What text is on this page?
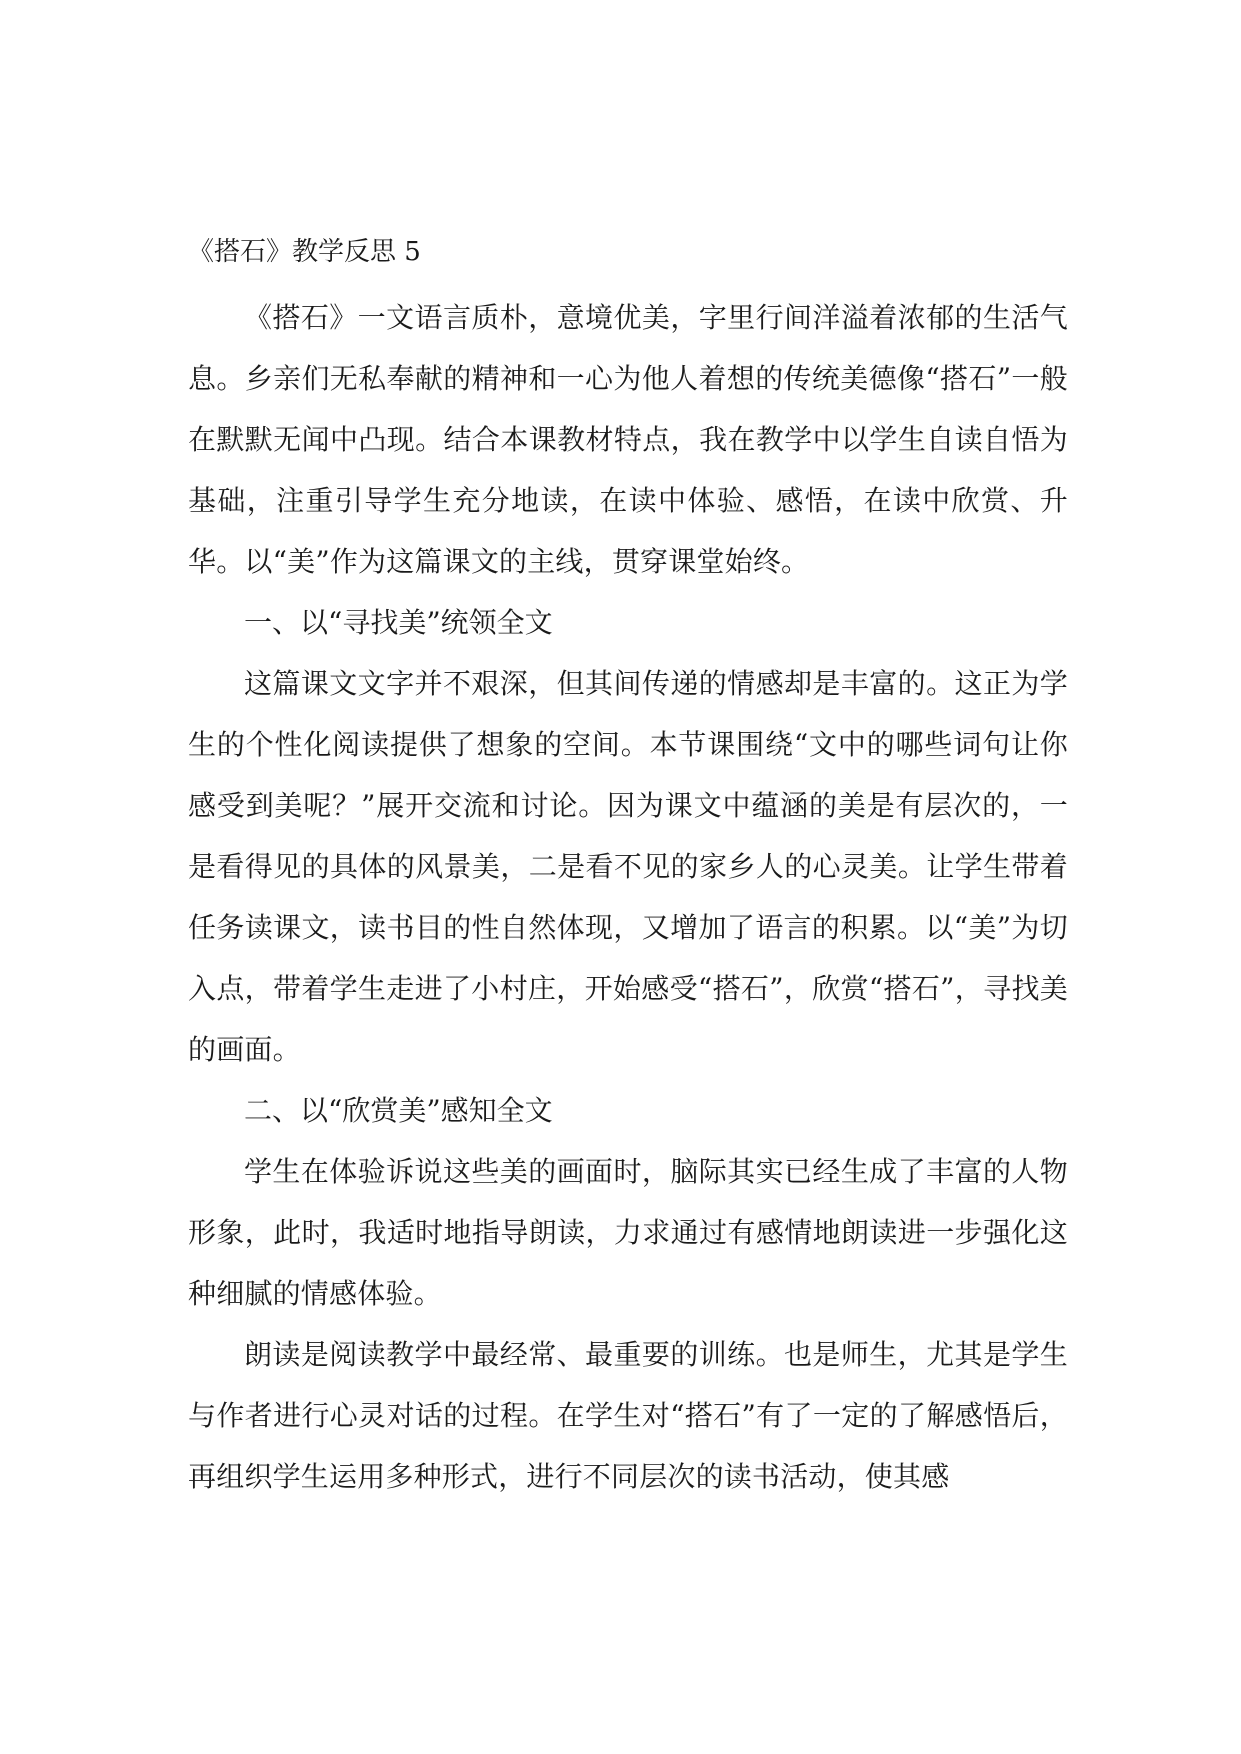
《搭石》教学反思 5

《搭石》一文语言质朴，意境优美，字里行间洋溢着浓郁的生活气息。乡亲们无私奉献的精神和一心为他人着想的传统美德像“搭石”一般在默默无闻中凸现。结合本课教材特点，我在教学中以学生自读自悟为基础，注重引导学生充分地读，在读中体验、感悟，在读中欣赏、升华。以“美”作为这篇课文的主线，贯穿课堂始终。

一、以“寻找美”统领全文

这篇课文文字并不艰深，但其间传递的情感却是丰富的。这正为学生的个性化阅读提供了想象的空间。本节课围绕“文中的哪些词句让你感受到美呢？”展开交流和讨论。因为课文中蕴涵的美是有层次的，一是看得见的具体的风景美，二是看不见的家乡人的心灵美。让学生带着任务读课文，读书目的性自然体现，又增加了语言的积累。以“美”为切入点，带着学生走进了小村庄，开始感受“搭石”，欣赏“搭石”，寻找美的画面。

二、以“欣赏美”感知全文

学生在体验诉说这些美的画面时，脑际其实已经生成了丰富的人物形象，此时，我适时地指导朗读，力求通过有感情地朗读进一步强化这种细腻的情感体验。

朗读是阅读教学中最经常、最重要的训练。也是师生，尤其是学生与作者进行心灵对话的过程。在学生对“搭石”有了一定的了解感悟后，再组织学生运用多种形式，进行不同层次的读书活动，使其感
